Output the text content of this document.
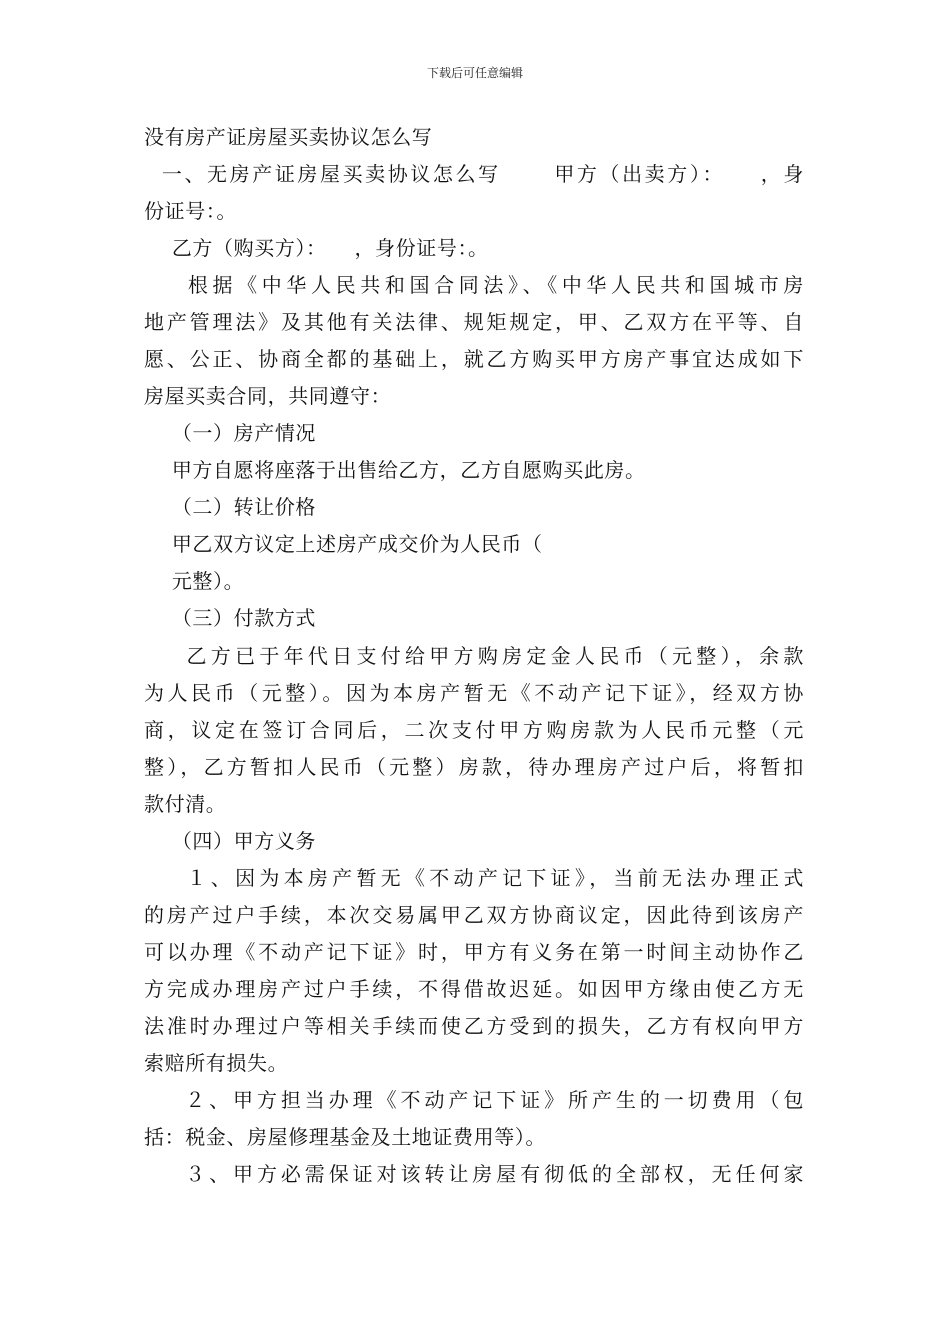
下载后可任意编辑
没有房产证房屋买卖协议怎么写
一、无房产证房屋买卖协议怎么写      甲方（出卖方）：    ，身
份证号：。
乙方（购买方）：    ，身份证号：。
根据《中华人民共和国合同法》、《中华人民共和国城市房
地产管理法》及其他有关法律、规矩规定，甲、乙双方在平等、自
愿、公正、协商全都的基础上，就乙方购买甲方房产事宜达成如下
房屋买卖合同，共同遵守：
（一）房产情况
甲方自愿将座落于出售给乙方，乙方自愿购买此房。
（二）转让价格
甲乙双方议定上述房产成交价为人民币（
元整）。
（三）付款方式
乙方已于年代日支付给甲方购房定金人民币（元整），余款
为人民币（元整）。因为本房产暂无《不动产记下证》，经双方协
商，议定在签订合同后，二次支付甲方购房款为人民币元整（元
整），乙方暂扣人民币（元整）房款，待办理房产过户后，将暂扣
款付清。
（四）甲方义务
１、因为本房产暂无《不动产记下证》，当前无法办理正式
的房产过户手续，本次交易属甲乙双方协商议定，因此待到该房产
可以办理《不动产记下证》时，甲方有义务在第一时间主动协作乙
方完成办理房产过户手续，不得借故迟延。如因甲方缘由使乙方无
法准时办理过户等相关手续而使乙方受到的损失，乙方有权向甲方
索赔所有损失。
２、甲方担当办理《不动产记下证》所产生的一切费用（包
括：税金、房屋修理基金及土地证费用等）。
３、甲方必需保证对该转让房屋有彻低的全部权，无任何家
